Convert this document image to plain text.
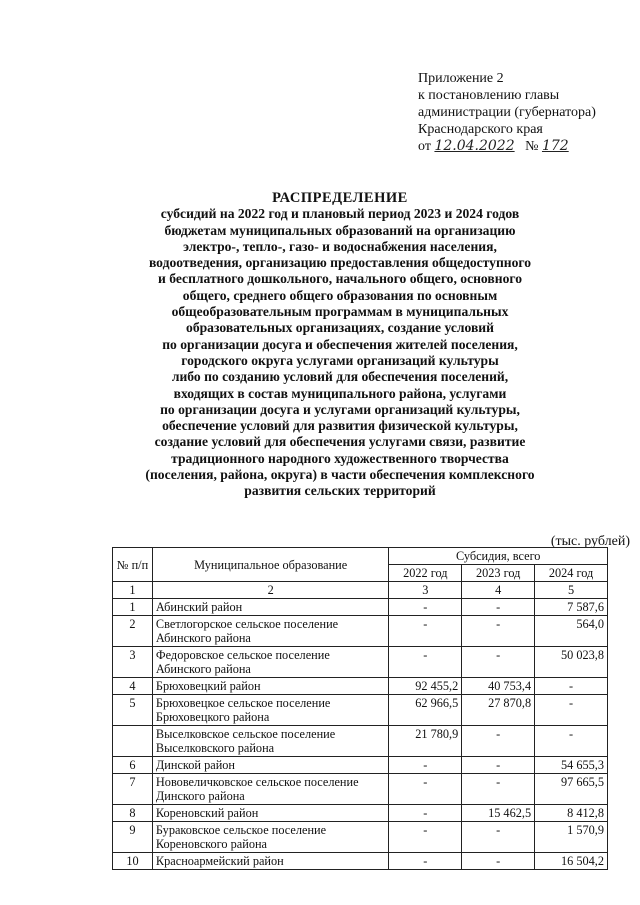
Приложение 2
к постановлению главы
администрации (губернатора)
Краснодарского края
от 12.04.2022 № 172
РАСПРЕДЕЛЕНИЕ
субсидий на 2022 год и плановый период 2023 и 2024 годов
бюджетам муниципальных образований на организацию
электро-, тепло-, газо- и водоснабжения населения,
водоотведения, организацию предоставления общедоступного
и бесплатного дошкольного, начального общего, основного
общего, среднего общего образования по основным
общеобразовательным программам в муниципальных
образовательных организациях, создание условий
по организации досуга и обеспечения жителей поселения,
городского округа услугами организаций культуры
либо по созданию условий для обеспечения поселений,
входящих в состав муниципального района, услугами
по организации досуга и услугами организаций культуры,
обеспечение условий для развития физической культуры,
создание условий для обеспечения услугами связи, развитие
традиционного народного художественного творчества
(поселения, района, округа) в части обеспечения комплексного
развития сельских территорий
(тыс. рублей)
№ п/п	Муниципальное образование	Субсидия, всего		
		2022 год	2023 год	2024 год
1	2	3	4	5
1	Абинский район	-	-	7 587,6
2	Светлогорское сельское поселение Абинского района	-	-	564,0
3	Федоровское сельское поселение Абинского района	-	-	50 023,8
4	Брюховецкий район	92 455,2	40 753,4	-
5	Брюховецкое сельское поселение Брюховецкого района	62 966,5	27 870,8	-
	Выселковское сельское поселение Выселковского района	21 780,9	-	-
6	Динской район	-	-	54 655,3
7	Нововеличковское сельское поселение Динского района	-	-	97 665,5
8	Кореновский район	-	15 462,5	8 412,8
9	Бураковское сельское поселение Кореновского района	-	-	1 570,9
10	Красноармейский район	-	-	16 504,2
